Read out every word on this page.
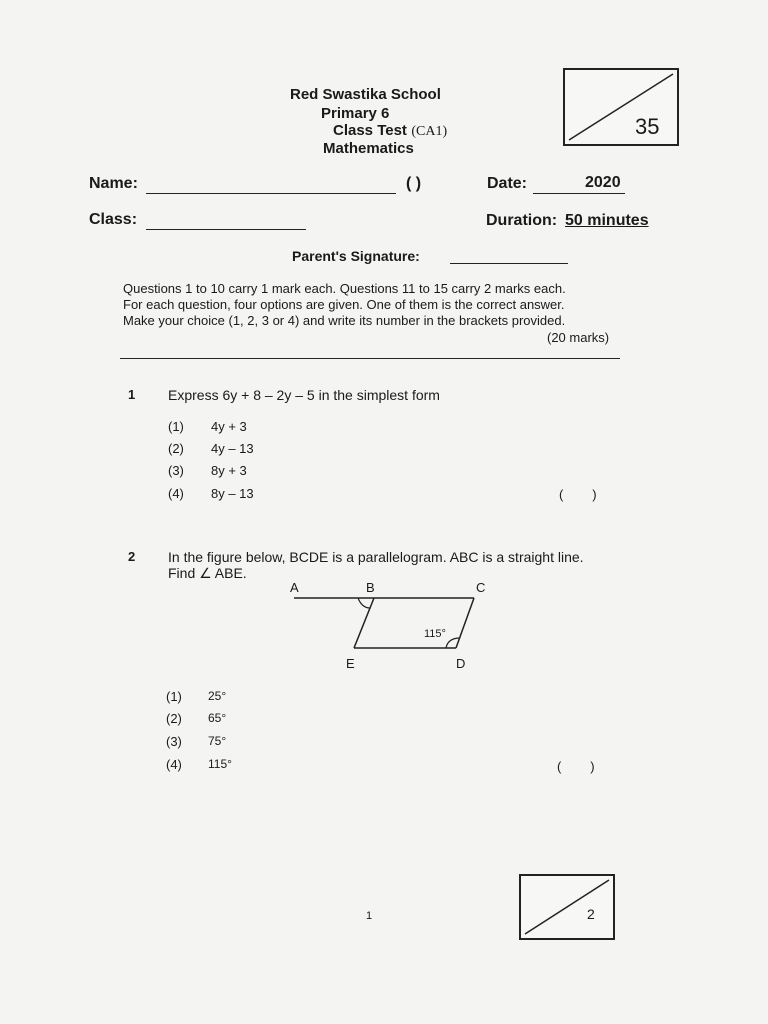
Red Swastika School
Primary 6
Class Test (CA1)
Mathematics
35
Name:	( )	Date:	2020
Class:	Duration: 50 minutes
Parent's Signature:
Questions 1 to 10 carry 1 mark each. Questions 11 to 15 carry 2 marks each.
For each question, four options are given. One of them is the correct answer.
Make your choice (1, 2, 3 or 4) and write its number in the brackets provided.
(20 marks)
1 Express 6y + 8 – 2y – 5 in the simplest form
(1) 4y + 3
(2) 4y – 13
(3) 8y + 3
(4) 8y – 13	(        )
2 In the figure below, BCDE is a parallelogram. ABC is a straight line.
Find ∠ ABE.
A	B	C
E	D
115°
(1) 25°
(2) 65°
(3) 75°
(4) 115°	(        )
1	2
